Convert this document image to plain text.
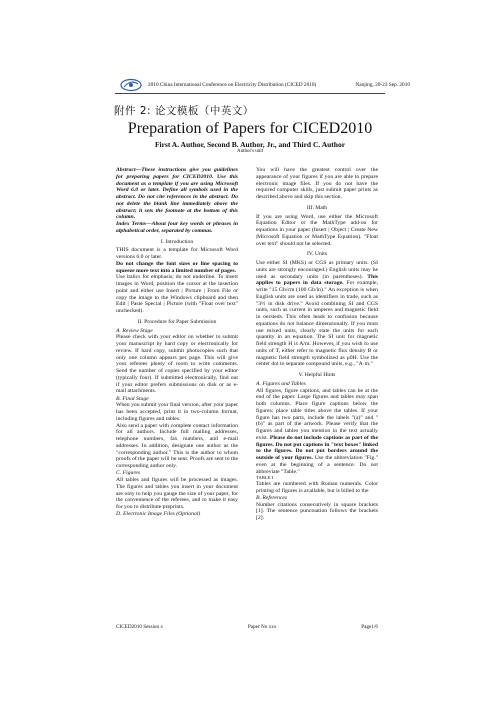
2010 China International Conference on Electricity Distribution (CICED 2010)	Nanjing, 20-23 Sep. 2010
附件 2: 论文模板（中英文）
Preparation of Papers for CICED2010
First A. Author, Second B. Author, Jr., and Third C. Author
Author's unit

Abstract—These instructions give you guidelines for preparing papers for CICED2010. Use this document as a template if you are using Microsoft Word 6.0 or later. Define all symbols used in the abstract. Do not cite references in the abstract. Do not delete the blank line immediately above the abstract; it sets the footnote at the bottom of this column.

Index Terms—About four key words or phrases in alphabetical order, separated by commas.

I. Introduction

THIS document is a template for Microsoft Word versions 6.0 or later.

Do not change the font sizes or line spacing to squeeze more text into a limited number of pages.

Use italics for emphasis; do not underline. To insert images in Word, position the cursor at the insertion point and either use Insert | Picture | From File or copy the image to the Windows clipboard and then Edit | Paste Special | Picture (with "Float over text" unchecked).

II. Procedure for Paper Submission
A. Review Stage

Please check with your editor on whether to submit your manuscript by hard copy or electronically for review. If hard copy, submit photocopies such that only one column appears per page. This will give your referees plenty of room to write comments. Send the number of copies specified by your editor (typically four). If submitted electronically, find out if your editor prefers submissions on disk or as e-mail attachments.

B. Final Stage

When you submit your final version, after your paper has been accepted, print it in two-column format, including figures and tables.

Also send a paper with complete contact information for all authors. Include full mailing addresses, telephone numbers, fax numbers, and e-mail addresses. In addition, designate one author as the "corresponding author." This is the author to whom proofs of the paper will be sent. Proofs are sent to the corresponding author only.

C. Figures

All tables and figures will be processed as images. The figures and tables you insert in your document are only to help you gauge the size of your paper, for the convenience of the referees, and to make it easy for you to distribute preprints.

D. Electronic Image Files (Optional)

You will have the greatest control over the appearance of your figures if you are able to prepare electronic image files. If you do not have the required computer skills, just submit paper prints as described above and skip this section.

III. Math

If you are using Word, use either the Microsoft Equation Editor or the MathType add-on for equations in your paper (Insert | Object | Create New |Microsoft Equation or MathType Equation). "Float over text" should not be selected.

IV. Units

Use either SI (MKS) or CGS as primary units. (SI units are strongly encouraged.) English units may be used as secondary units (in parentheses). This applies to papers in data storage. For example, write "15 Gb/cm (100 Gb/in)." An exception is when English units are used as identifiers in trade, such as "3½ in disk drive." Avoid combining SI and CGS units, such as current in amperes and magnetic field in oersteds. This often leads to confusion because equations do not balance dimensionally. If you must use mixed units, clearly state the units for each quantity in an equation. The SI unit for magnetic field strength H is A/m. However, if you wish to use units of T, either refer to magnetic flux density B or magnetic field strength symbolized as μ0H. Use the center dot to separate compound units, e.g., "A·m."

V. Helpful Hints
A. Figures and Tables

All figures, figure captions, and tables can be at the end of the paper. Large figures and tables may span both columns. Place figure captions below the figures; place table titles above the tables. If your figure has two parts, include the labels "(a)" and "(b)" as part of the artwork. Please verify that the figures and tables you mention in the text actually exist. Please do not include captions as part of the figures. Do not put captions in "text boxes" linked to the figures. Do not put borders around the outside of your figures. Use the abbreviation "Fig." even at the beginning of a sentence. Do not abbreviate "Table."

TABLE I

Tables are numbered with Roman numerals. Color printing of figures is available, but is billed to the

B. References

Number citations consecutively in square brackets [1]. The sentence punctuation follows the brackets [2].

CICED2010 Session x	Paper No xxx	Page1/6
